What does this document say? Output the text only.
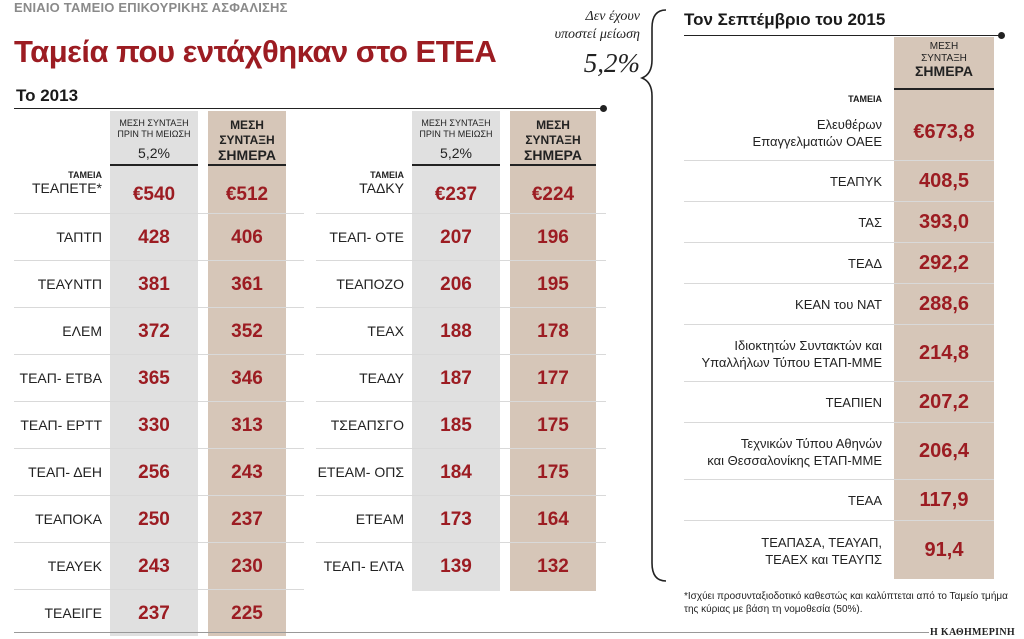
ΕΝΙΑΙΟ ΤΑΜΕΙΟ ΕΠΙΚΟΥΡΙΚΗΣ ΑΣΦΑΛΙΣΗΣ
Ταμεία που εντάχθηκαν στο ΕΤΕΑ
Το 2013
Δεν έχουν
υποστεί μείωση
5,2%
ΜΕΣΗ ΣΥΝΤΑΞΗ ΠΡΙΝ ΤΗ ΜΕΙΩΣΗ
5,2%
ΜΕΣΗ ΣΥΝΤΑΞΗ
ΣΗΜΕΡΑ
ΜΕΣΗ ΣΥΝΤΑΞΗ ΠΡΙΝ ΤΗ ΜΕΙΩΣΗ
5,2%
ΜΕΣΗ ΣΥΝΤΑΞΗ
ΣΗΜΕΡΑ
ΤΑΜΕΙΑ
ΤΕΑΠΕΤΕ*	€540	€512
ΤΑΠΤΠ	428	406
ΤΕΑΥΝΤΠ	381	361
ΕΛΕΜ	372	352
ΤΕΑΠ- ΕΤΒΑ	365	346
ΤΕΑΠ- ΕΡΤΤ	330	313
ΤΕΑΠ- ΔΕΗ	256	243
ΤΕΑΠΟΚΑ	250	237
ΤΕΑΥΕΚ	243	230
ΤΕΑΕΙΓΕ	237	225
ΤΑΜΕΙΑ
ΤΑΔΚΥ	€237	€224
ΤΕΑΠ- ΟΤΕ	207	196
ΤΕΑΠΟΖΟ	206	195
ΤΕΑΧ	188	178
ΤΕΑΔΥ	187	177
ΤΣΕΑΠΣΓΟ	185	175
ΕΤΕΑΜ- ΟΠΣ	184	175
ΕΤΕΑΜ	173	164
ΤΕΑΠ- ΕΛΤΑ	139	132
Τον Σεπτέμβριο του 2015
ΜΕΣΗ
ΣΥΝΤΑΞΗ
ΣΗΜΕΡΑ
ΤΑΜΕΙΑ
Ελευθέρων
Επαγγελματιών ΟΑΕΕ	€673,8
ΤΕΑΠΥΚ	408,5
ΤΑΣ	393,0
ΤΕΑΔ	292,2
ΚΕΑΝ του ΝΑΤ	288,6
Ιδιοκτητών Συντακτών και
Υπαλλήλων Τύπου ΕΤΑΠ-ΜΜΕ	214,8
ΤΕΑΠΙΕΝ	207,2
Τεχνικών Τύπου Αθηνών
και Θεσσαλονίκης ΕΤΑΠ-ΜΜΕ	206,4
ΤΕΑΑ	117,9
ΤΕΑΠΑΣΑ, ΤΕΑΥΑΠ,
ΤΕΑΕΧ και ΤΕΑΥΠΣ	91,4
*Ισχύει προσυνταξιοδοτικό καθεστώς και καλύπτεται από το Ταμείο τμήμα της κύριας με βάση τη νομοθεσία (50%).
Η ΚΑΘΗΜΕΡΙΝΗ
